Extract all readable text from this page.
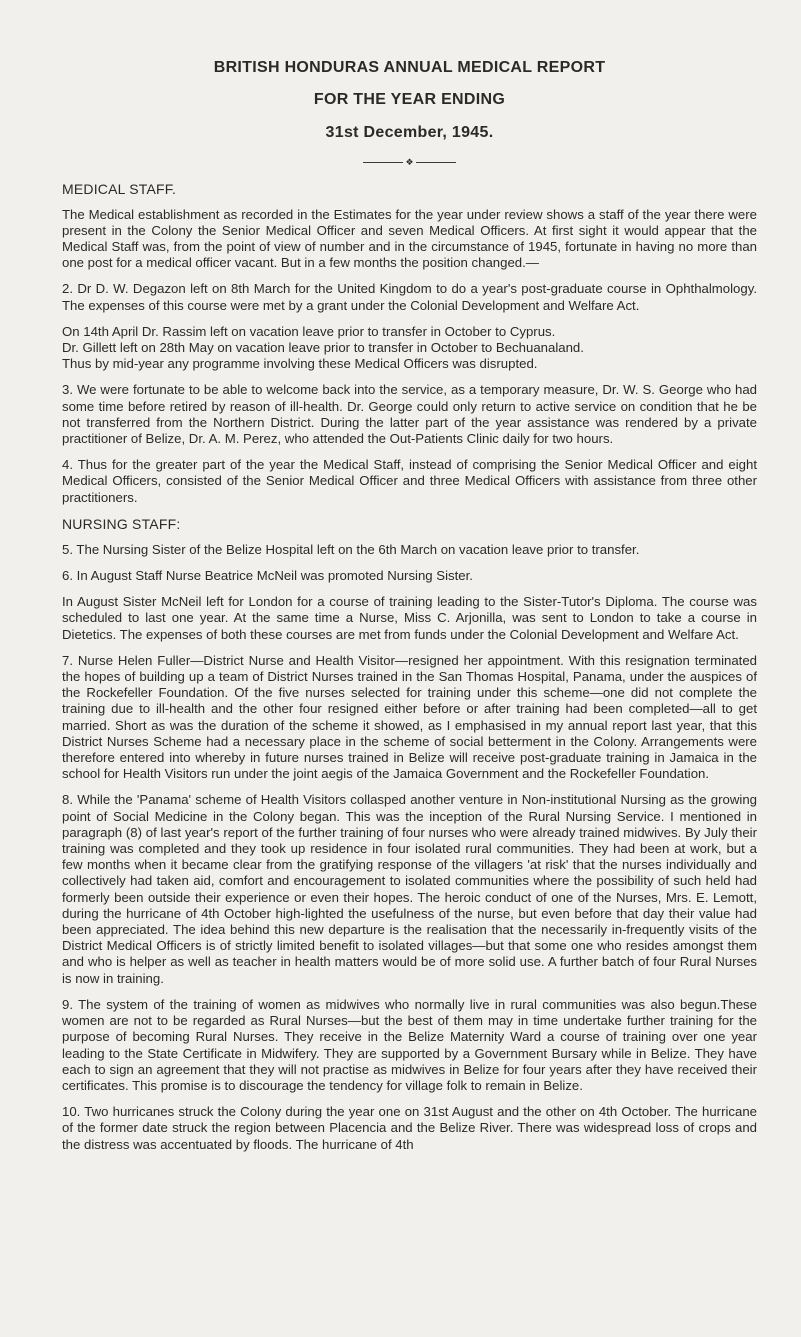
BRITISH HONDURAS ANNUAL MEDICAL REPORT
FOR THE YEAR ENDING
31st December, 1945.
❖
MEDICAL STAFF.

The Medical establishment as recorded in the Estimates for the year under review shows a staff of the year there were present in the Colony the Senior Medical Officer and seven Medical Officers. At first sight it would appear that the Medical Staff was, from the point of view of number and in the circumstance of 1945, fortunate in having no more than one post for a medical officer vacant. But in a few months the position changed.—

2. Dr D. W. Degazon left on 8th March for the United Kingdom to do a year's post-graduate course in Ophthalmology. The expenses of this course were met by a grant under the Colonial Development and Welfare Act.

On 14th April Dr. Rassim left on vacation leave prior to transfer in October to Cyprus.

Dr. Gillett left on 28th May on vacation leave prior to transfer in October to Bechuanaland.

Thus by mid-year any programme involving these Medical Officers was disrupted.

3. We were fortunate to be able to welcome back into the service, as a temporary measure, Dr. W. S. George who had some time before retired by reason of ill-health. Dr. George could only return to active service on condition that he be not transferred from the Northern District. During the latter part of the year assistance was rendered by a private practitioner of Belize, Dr. A. M. Perez, who attended the Out-Patients Clinic daily for two hours.

4. Thus for the greater part of the year the Medical Staff, instead of comprising the Senior Medical Officer and eight Medical Officers, consisted of the Senior Medical Officer and three Medical Officers with assistance from three other practitioners.

NURSING STAFF:

5. The Nursing Sister of the Belize Hospital left on the 6th March on vacation leave prior to transfer.

6. In August Staff Nurse Beatrice McNeil was promoted Nursing Sister.

In August Sister McNeil left for London for a course of training leading to the Sister-Tutor's Diploma. The course was scheduled to last one year. At the same time a Nurse, Miss C. Arjonilla, was sent to London to take a course in Dietetics. The expenses of both these courses are met from funds under the Colonial Development and Welfare Act.

7. Nurse Helen Fuller—District Nurse and Health Visitor—resigned her appointment. With this resignation terminated the hopes of building up a team of District Nurses trained in the San Thomas Hospital, Panama, under the auspices of the Rockefeller Foundation. Of the five nurses selected for training under this scheme—one did not complete the training due to ill-health and the other four resigned either before or after training had been completed—all to get married. Short as was the duration of the scheme it showed, as I emphasised in my annual report last year, that this District Nurses Scheme had a necessary place in the scheme of social betterment in the Colony. Arrangements were therefore entered into whereby in future nurses trained in Belize will receive post-graduate training in Jamaica in the school for Health Visitors run under the joint aegis of the Jamaica Government and the Rockefeller Foundation.

8. While the 'Panama' scheme of Health Visitors collasped another venture in Non-institutional Nursing as the growing point of Social Medicine in the Colony began. This was the inception of the Rural Nursing Service. I mentioned in paragraph (8) of last year's report of the further training of four nurses who were already trained midwives. By July their training was completed and they took up residence in four isolated rural communities. They had been at work, but a few months when it became clear from the gratifying response of the villagers 'at risk' that the nurses individually and collectively had taken aid, comfort and encouragement to isolated communities where the possibility of such held had formerly been outside their experience or even their hopes. The heroic conduct of one of the Nurses, Mrs. E. Lemott, during the hurricane of 4th October high-lighted the usefulness of the nurse, but even before that day their value had been appreciated. The idea behind this new departure is the realisation that the necessarily in-frequently visits of the District Medical Officers is of strictly limited benefit to isolated villages—but that some one who resides amongst them and who is helper as well as teacher in health matters would be of more solid use. A further batch of four Rural Nurses is now in training.

9. The system of the training of women as midwives who normally live in rural communities was also begun.These women are not to be regarded as Rural Nurses—but the best of them may in time undertake further training for the purpose of becoming Rural Nurses. They receive in the Belize Maternity Ward a course of training over one year leading to the State Certificate in Midwifery. They are supported by a Government Bursary while in Belize. They have each to sign an agreement that they will not practise as midwives in Belize for four years after they have received their certificates. This promise is to discourage the tendency for village folk to remain in Belize.

10. Two hurricanes struck the Colony during the year one on 31st August and the other on 4th October. The hurricane of the former date struck the region between Placencia and the Belize River. There was widespread loss of crops and the distress was accentuated by floods. The hurricane of 4th
